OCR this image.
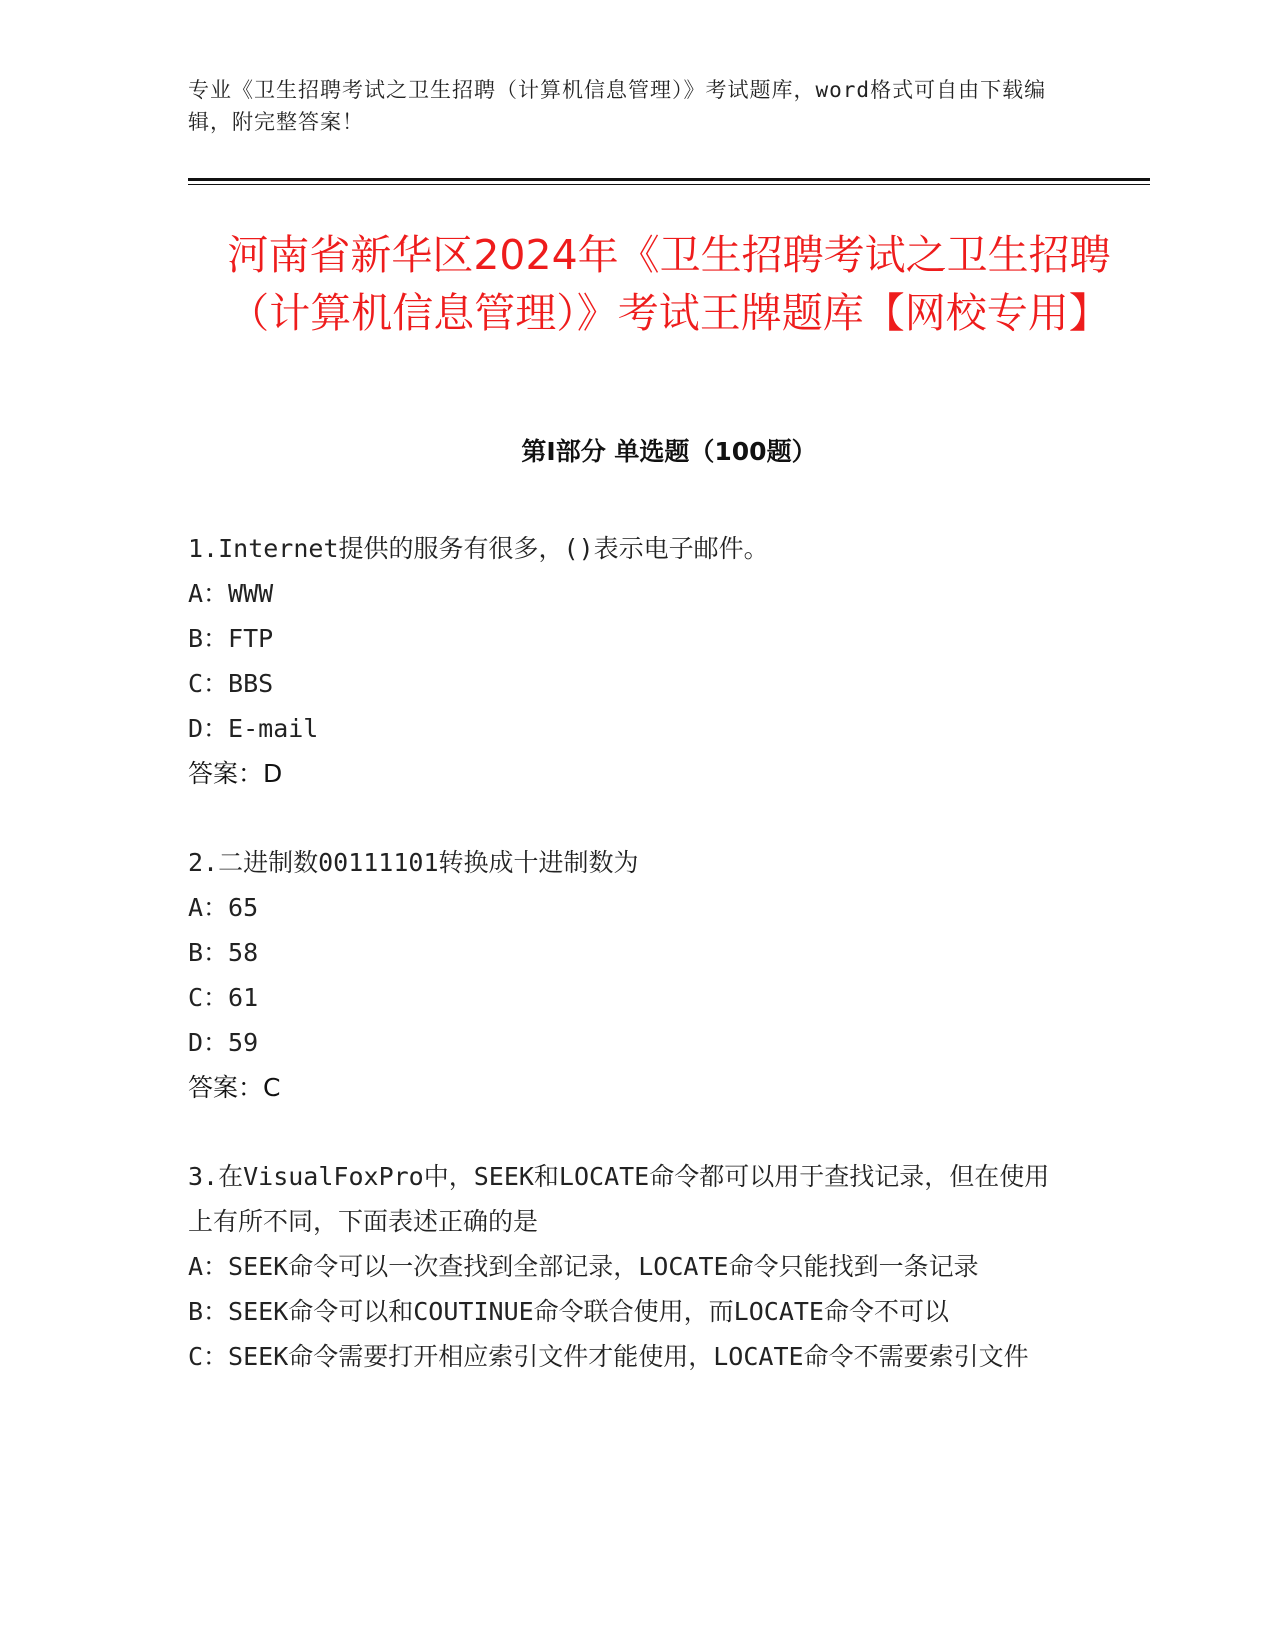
专业《卫生招聘考试之卫生招聘（计算机信息管理）》考试题库，word格式可自由下载编辑，附完整答案！
河南省新华区2024年《卫生招聘考试之卫生招聘（计算机信息管理）》考试王牌题库【网校专用】
第I部分 单选题（100题）

1.Internet提供的服务有很多，()表示电子邮件。

A：WWW

B：FTP

C：BBS

D：E-mail

答案：D

2.二进制数00111101转换成十进制数为

A：65

B：58

C：61

D：59

答案：C

3.在VisualFoxPro中，SEEK和LOCATE命令都可以用于查找记录，但在使用上有所不同，下面表述正确的是

A：SEEK命令可以一次查找到全部记录，LOCATE命令只能找到一条记录

B：SEEK命令可以和COUTINUE命令联合使用，而LOCATE命令不可以

C：SEEK命令需要打开相应索引文件才能使用，LOCATE命令不需要索引文件
